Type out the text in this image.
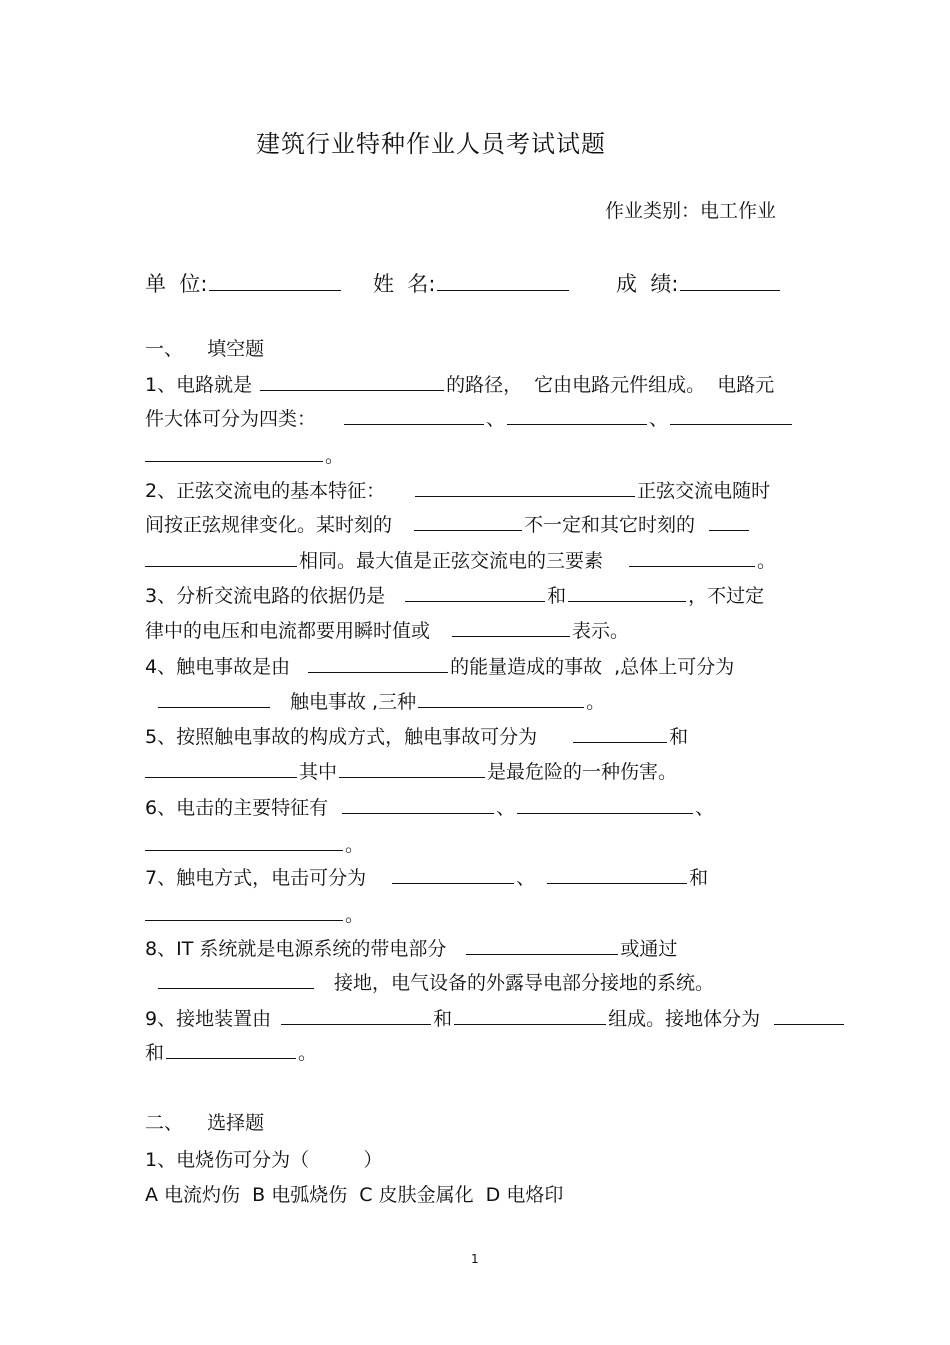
建筑行业特种作业人员考试试题
作业类别：电工作业
单  位:	姓  名:	成  绩:
一、    填空题
1、电路就是	的路径，  它由电路元件组成。  电路元
件大体可分为四类：	、	、
。
2、正弦交流电的基本特征：	正弦交流电随时
间按正弦规律变化。某时刻的	不一定和其它时刻的
相同。最大值是正弦交流电的三要素	。
3、分析交流电路的依据仍是	和	，不过定
律中的电压和电流都要用瞬时值或	表示。
4、触电事故是由	的能量造成的事故  ,总体上可分为
触电事故 ,三种	。
5、按照触电事故的构成方式，触电事故可分为	和
其中	是最危险的一种伤害。
6、电击的主要特征有	、	、
。
7、触电方式，电击可分为	、	和
。
8、IT 系统就是电源系统的带电部分	或通过
接地，电气设备的外露导电部分接地的系统。
9、接地装置由	和	组成。接地体分为
和	。
二、    选择题
1、电烧伤可分为（         ）
A 电流灼伤  B 电弧烧伤  C 皮肤金属化  D 电烙印
1
